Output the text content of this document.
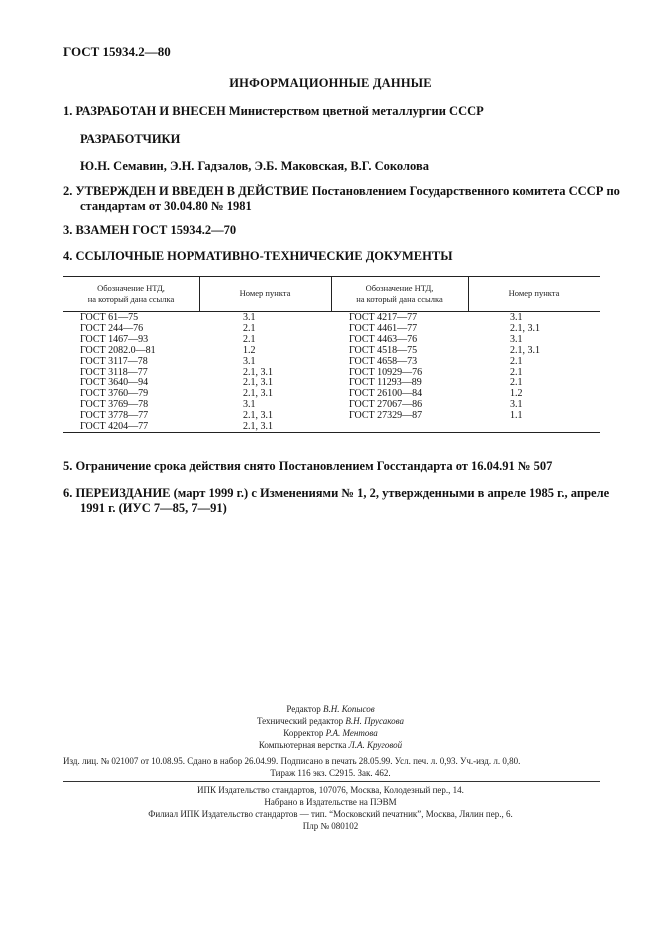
ГОСТ 15934.2—80
ИНФОРМАЦИОННЫЕ ДАННЫЕ
1. РАЗРАБОТАН И ВНЕСЕН Министерством цветной металлургии СССР
РАЗРАБОТЧИКИ
Ю.Н. Семавин, Э.Н. Гадзалов, Э.Б. Маковская, В.Г. Соколова
2. УТВЕРЖДЕН И ВВЕДЕН В ДЕЙСТВИЕ Постановлением Государственного комитета СССР по
стандартам от 30.04.80 № 1981
3. ВЗАМЕН ГОСТ 15934.2—70
4. ССЫЛОЧНЫЕ НОРМАТИВНО-ТЕХНИЧЕСКИЕ ДОКУМЕНТЫ
Обозначение НТД,
на который дана ссылка
Номер пункта	Обозначение НТД,
на который дана ссылка
Номер пункта
ГОСТ 61—75
ГОСТ 244—76
ГОСТ 1467—93
ГОСТ 2082.0—81
ГОСТ 3117—78
ГОСТ 3118—77
ГОСТ 3640—94
ГОСТ 3760—79
ГОСТ 3769—78
ГОСТ 3778—77
ГОСТ 4204—77
3.1
2.1
2.1
1.2
3.1
2.1, 3.1
2.1, 3.1
2.1, 3.1
3.1
2.1, 3.1
2.1, 3.1
ГОСТ 4217—77
ГОСТ 4461—77
ГОСТ 4463—76
ГОСТ 4518—75
ГОСТ 4658—73
ГОСТ 10929—76
ГОСТ 11293—89
ГОСТ 26100—84
ГОСТ 27067—86
ГОСТ 27329—87
3.1
2.1, 3.1
3.1
2.1, 3.1
2.1
2.1
2.1
1.2
3.1
1.1
5. Ограничение срока действия снято Постановлением Госстандарта от 16.04.91 № 507
6. ПЕРЕИЗДАНИЕ (март 1999 г.) с Изменениями № 1, 2, утвержденными в апреле 1985 г., апреле
1991 г. (ИУС 7—85, 7—91)
Редактор В.Н. Копысов
Технический редактор В.Н. Прусакова
Корректор Р.А. Ментова
Компьютерная верстка Л.А. Круговой
Изд. лиц. № 021007 от 10.08.95. Сдано в набор 26.04.99. Подписано в печать 28.05.99. Усл. печ. л. 0,93. Уч.-изд. л. 0,80.
Тираж 116 экз. С2915. Зак. 462.
ИПК Издательство стандартов, 107076, Москва, Колодезный пер., 14.
Набрано в Издательстве на ПЭВМ
Филиал ИПК Издательство стандартов — тип. “Московский печатник”, Москва, Лялин пер., 6.
Плр № 080102
